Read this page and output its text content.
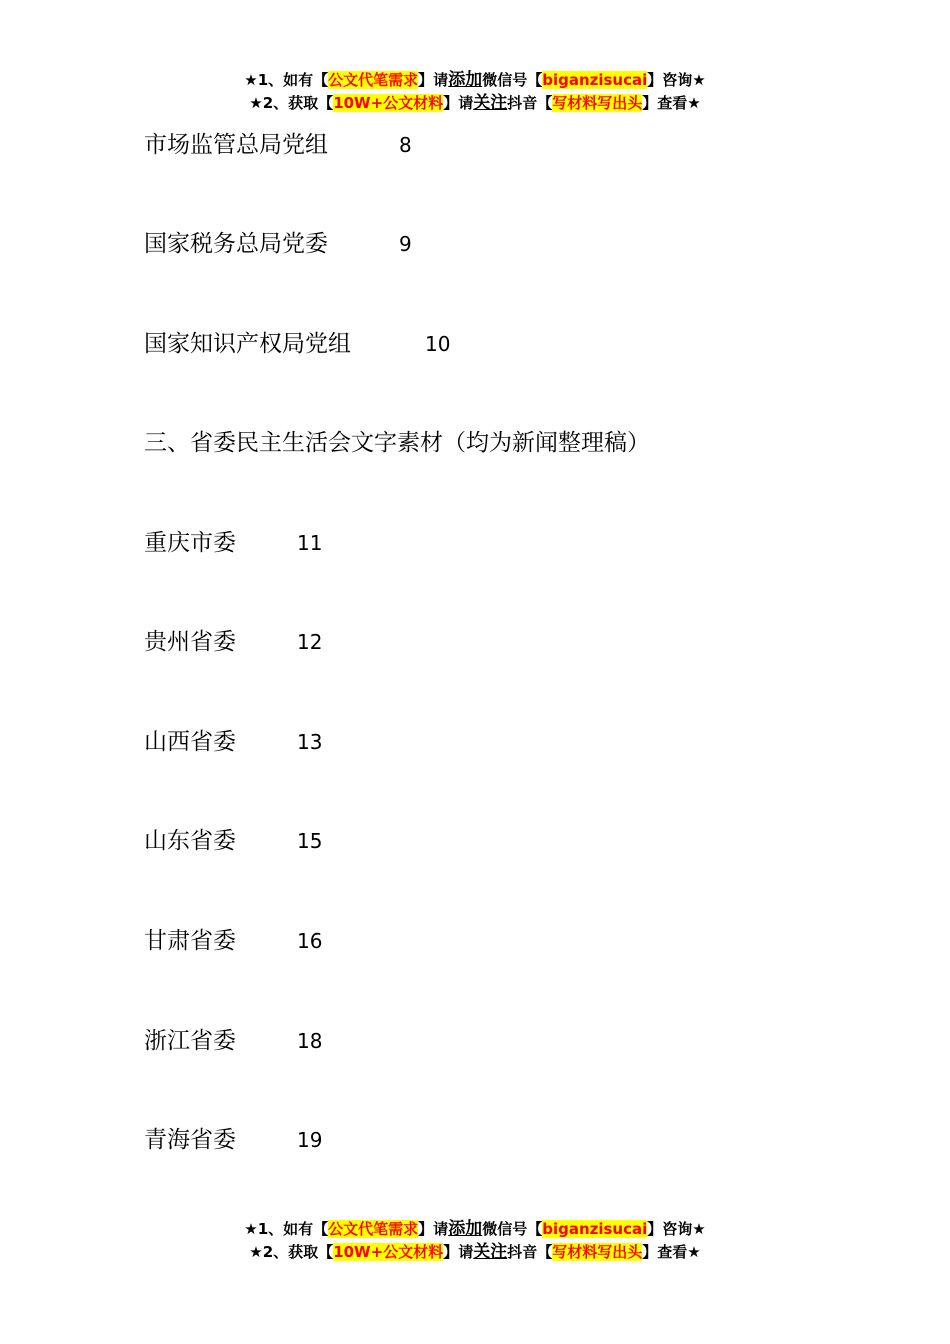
★1、如有【公文代笔需求】请添加微信号【biganzisucai】咨询★
★2、获取【10W+公文材料】请关注抖音【写材料写出头】查看★
市场监管总局党组	8
国家税务总局党委	9
国家知识产权局党组	10
三、省委民主生活会文字素材（均为新闻整理稿）
重庆市委	11
贵州省委	12
山西省委	13
山东省委	15
甘肃省委	16
浙江省委	18
青海省委	19
★1、如有【公文代笔需求】请添加微信号【biganzisucai】咨询★
★2、获取【10W+公文材料】请关注抖音【写材料写出头】查看★
